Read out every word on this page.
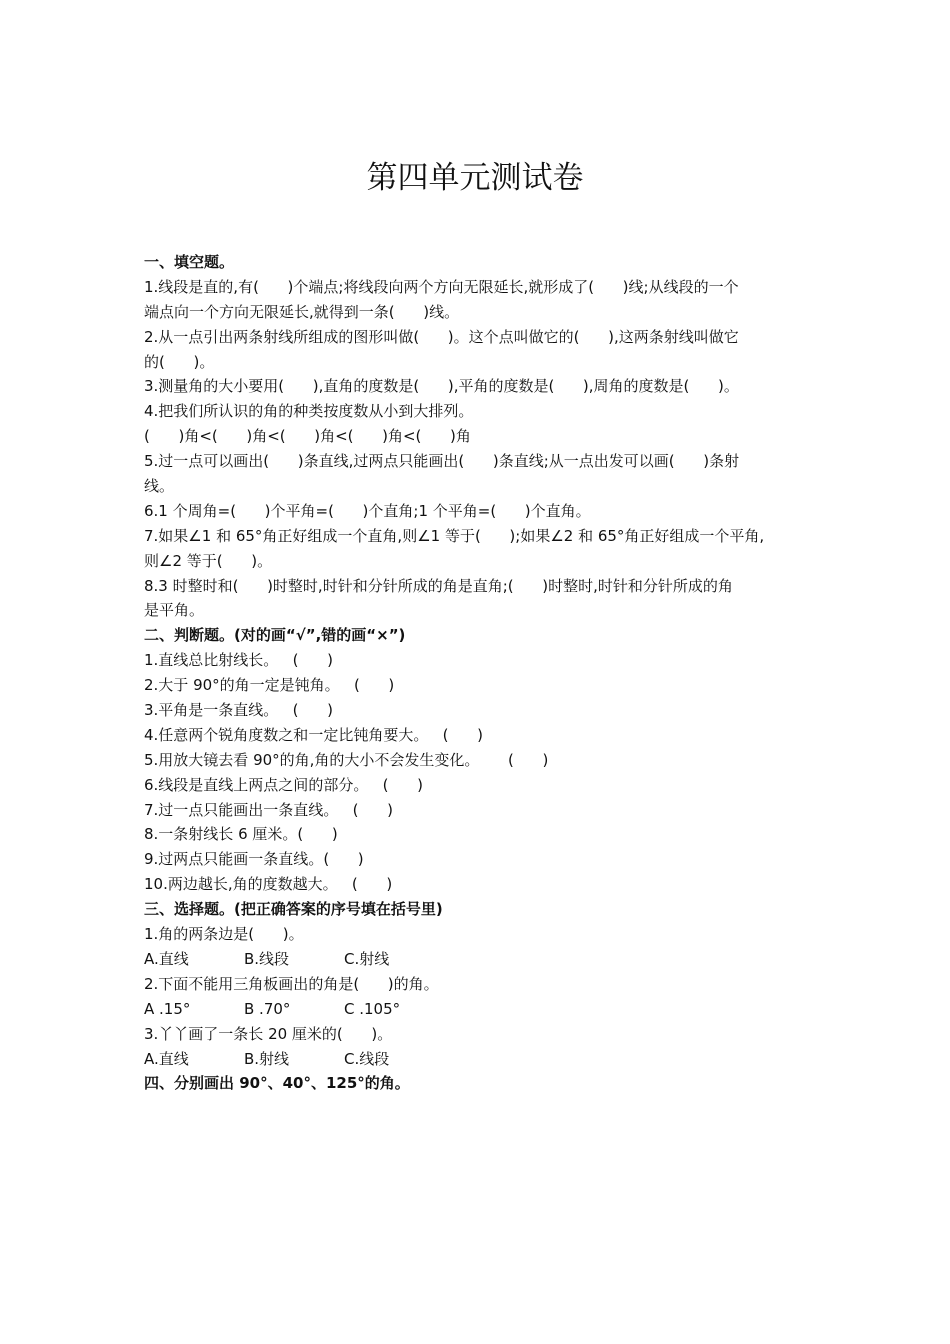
第四单元测试卷
一、填空题。
1.线段是直的,有(      )个端点;将线段向两个方向无限延长,就形成了(      )线;从线段的一个
端点向一个方向无限延长,就得到一条(      )线。
2.从一点引出两条射线所组成的图形叫做(      )。这个点叫做它的(      ),这两条射线叫做它
的(      )。
3.测量角的大小要用(      ),直角的度数是(      ),平角的度数是(      ),周角的度数是(      )。
4.把我们所认识的角的种类按度数从小到大排列。
(      )角<(      )角<(      )角<(      )角<(      )角
5.过一点可以画出(      )条直线,过两点只能画出(      )条直线;从一点出发可以画(      )条射
线。
6.1 个周角=(      )个平角=(      )个直角;1 个平角=(      )个直角。
7.如果∠1 和 65°角正好组成一个直角,则∠1 等于(      );如果∠2 和 65°角正好组成一个平角,
则∠2 等于(      )。
8.3 时整时和(      )时整时,时针和分针所成的角是直角;(      )时整时,时针和分针所成的角
是平角。
二、判断题。(对的画“√”,错的画“×”)
1.直线总比射线长。   (      )
2.大于 90°的角一定是钝角。   (      )
3.平角是一条直线。   (      )
4.任意两个锐角度数之和一定比钝角要大。   (      )
5.用放大镜去看 90°的角,角的大小不会发生变化。      (      )
6.线段是直线上两点之间的部分。   (      )
7.过一点只能画出一条直线。   (      )
8.一条射线长 6 厘米。(      )
9.过两点只能画一条直线。(      )
10.两边越长,角的度数越大。   (      )
三、选择题。(把正确答案的序号填在括号里)
1.角的两条边是(      )。
A.直线	B.线段	C.射线
2.下面不能用三角板画出的角是(      )的角。
A .15°	B .70°	C .105°
3.丫丫画了一条长 20 厘米的(      )。
A.直线	B.射线	C.线段
四、分别画出 90°、40°、125°的角。
